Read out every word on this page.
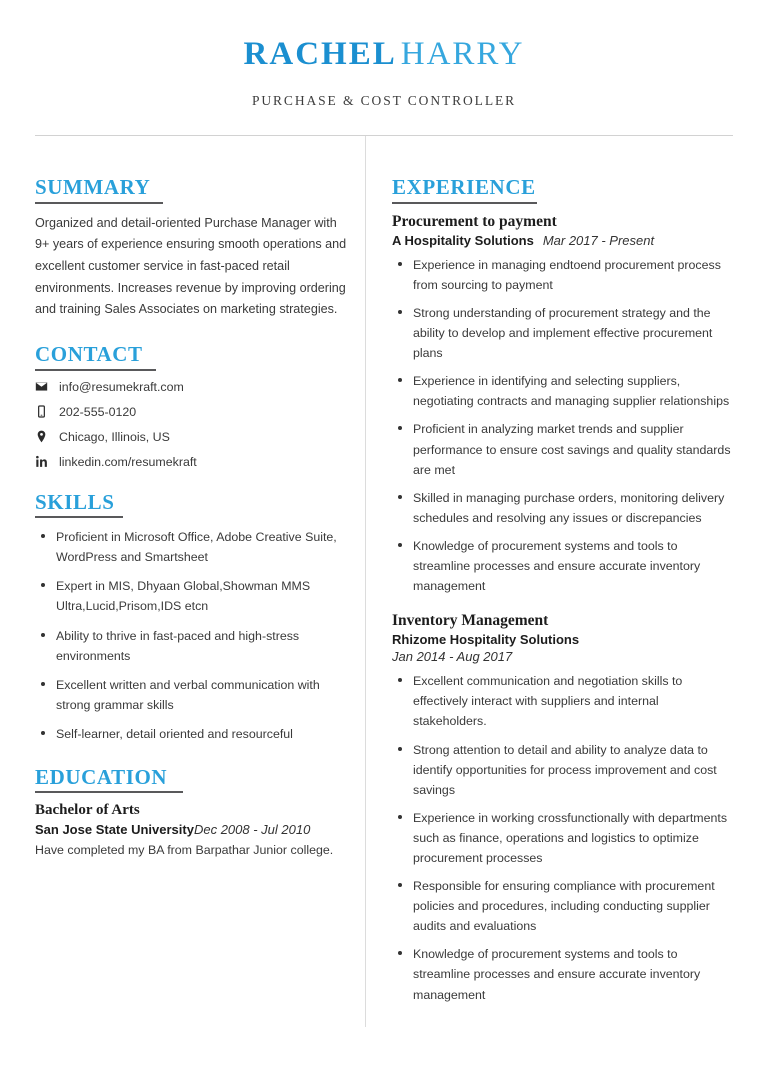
RACHEL HARRY
PURCHASE & COST CONTROLLER
SUMMARY

Organized and detail-oriented Purchase Manager with 9+ years of experience ensuring smooth operations and excellent customer service in fast-paced retail environments. Increases revenue by improving ordering and training Sales Associates on marketing strategies.

CONTACT
info@resumekraft.com
202-555-0120
Chicago, Illinois, US
linkedin.com/resumekraft
SKILLS
Proficient in Microsoft Office, Adobe Creative Suite, WordPress and Smartsheet
Expert in MIS, Dhyaan Global,Showman MMS Ultra,Lucid,Prisom,IDS etcn
Ability to thrive in fast-paced and high-stress environments
Excellent written and verbal communication with strong grammar skills
Self-learner, detail oriented and resourceful
EDUCATION
Bachelor of Arts
San Jose State UniversityDec 2008 - Jul 2010
Have completed my BA from Barpathar Junior college.
EXPERIENCE
Procurement to payment
A Hospitality Solutions Mar 2017 - Present
Experience in managing endtoend procurement process from sourcing to payment
Strong understanding of procurement strategy and the ability to develop and implement effective procurement plans
Experience in identifying and selecting suppliers, negotiating contracts and managing supplier relationships
Proficient in analyzing market trends and supplier performance to ensure cost savings and quality standards are met
Skilled in managing purchase orders, monitoring delivery schedules and resolving any issues or discrepancies
Knowledge of procurement systems and tools to streamline processes and ensure accurate inventory management
Inventory Management
Rhizome Hospitality Solutions
Jan 2014 - Aug 2017
Excellent communication and negotiation skills to effectively interact with suppliers and internal stakeholders.
Strong attention to detail and ability to analyze data to identify opportunities for process improvement and cost savings
Experience in working crossfunctionally with departments such as finance, operations and logistics to optimize procurement processes
Responsible for ensuring compliance with procurement policies and procedures, including conducting supplier audits and evaluations
Knowledge of procurement systems and tools to streamline processes and ensure accurate inventory management
